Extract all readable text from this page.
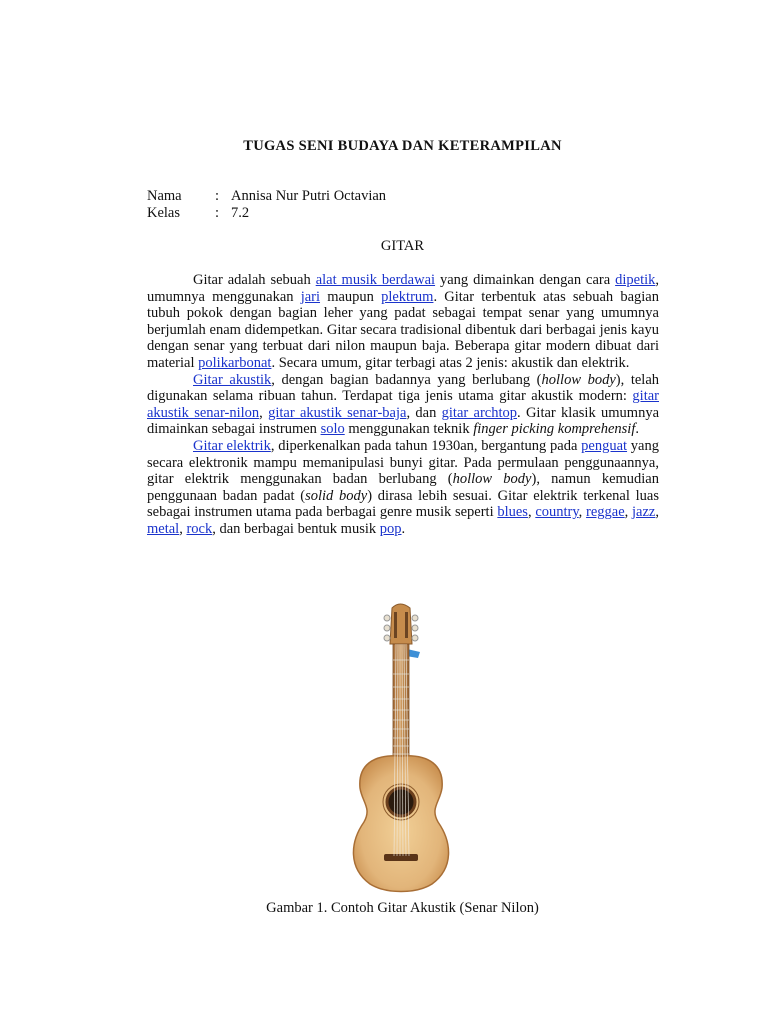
TUGAS SENI BUDAYA DAN KETERAMPILAN
Nama : Annisa Nur Putri Octavian
Kelas : 7.2
GITAR

Gitar adalah sebuah alat musik berdawai yang dimainkan dengan cara dipetik, umumnya menggunakan jari maupun plektrum. Gitar terbentuk atas sebuah bagian tubuh pokok dengan bagian leher yang padat sebagai tempat senar yang umumnya berjumlah enam didempetkan. Gitar secara tradisional dibentuk dari berbagai jenis kayu dengan senar yang terbuat dari nilon maupun baja. Beberapa gitar modern dibuat dari material polikarbonat. Secara umum, gitar terbagi atas 2 jenis: akustik dan elektrik.

Gitar akustik, dengan bagian badannya yang berlubang (hollow body), telah digunakan selama ribuan tahun. Terdapat tiga jenis utama gitar akustik modern: gitar akustik senar-nilon, gitar akustik senar-baja, dan gitar archtop. Gitar klasik umumnya dimainkan sebagai instrumen solo menggunakan teknik finger picking komprehensif.

Gitar elektrik, diperkenalkan pada tahun 1930an, bergantung pada penguat yang secara elektronik mampu memanipulasi bunyi gitar. Pada permulaan penggunaannya, gitar elektrik menggunakan badan berlubang (hollow body), namun kemudian penggunaan badan padat (solid body) dirasa lebih sesuai. Gitar elektrik terkenal luas sebagai instrumen utama pada berbagai genre musik seperti blues, country, reggae, jazz, metal, rock, dan berbagai bentuk musik pop.

Gambar 1. Contoh Gitar Akustik (Senar Nilon)
